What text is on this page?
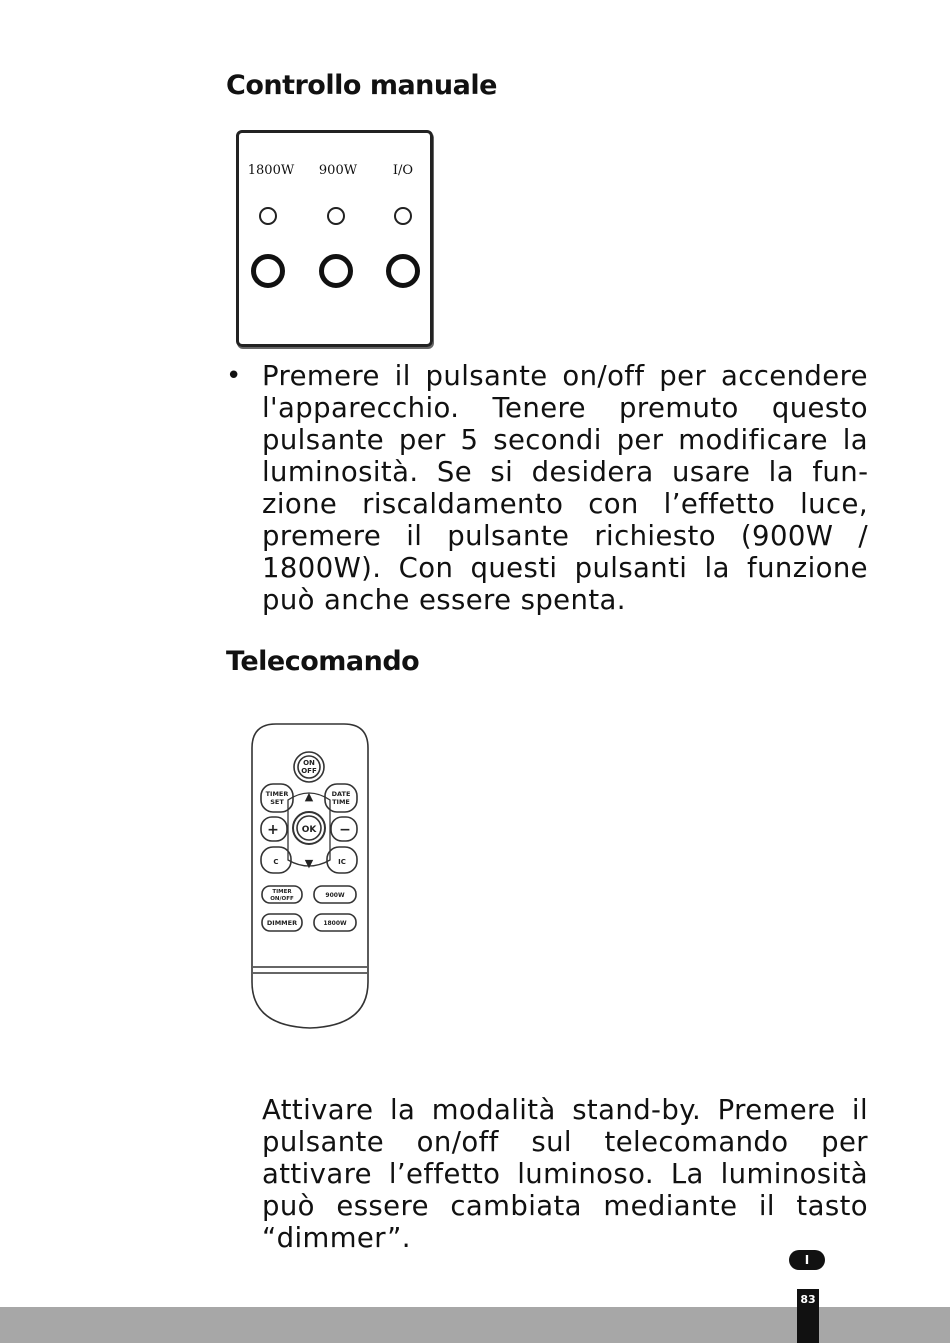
Controllo manuale
1800W	900W	I/O
• Premere il pulsante on/off per accendere l'apparecchio. Tenere premuto questo pulsante per 5 secondi per modificare la luminosità. Se si desidera usare la funzione riscaldamento con l’effetto luce, premere il pulsante richiesto (900W / 1800W). Con questi pulsanti la funzione può anche essere spenta.

Telecomando
ON
OFF
TIMER
SET
DATE
TIME
▲
▼
+	−
OK
C	IC
TIMER
ON/OFF	900W
DIMMER	1800W

Attivare la modalità stand-by. Premere il pulsante on/off sul telecomando per attivare l’effetto luminoso. La luminosità può essere cambiata mediante il tasto “dimmer”.

I
83
